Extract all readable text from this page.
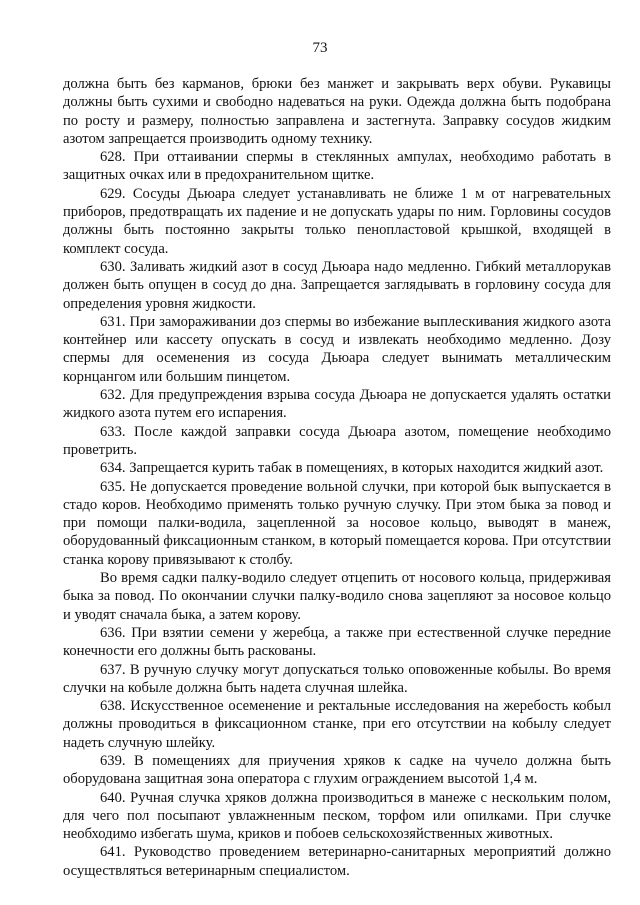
73

должна быть без карманов, брюки без манжет и закрывать верх обуви. Рукавицы должны быть сухими и свободно надеваться на руки. Одежда должна быть подобрана по росту и размеру, полностью заправлена и застегнута. Заправку сосудов жидким азотом запрещается производить одному технику.

628. При оттаивании спермы в стеклянных ампулах, необходимо работать в защитных очках или в предохранительном щитке.

629. Сосуды Дьюара следует устанавливать не ближе 1 м от нагревательных приборов, предотвращать их падение и не допускать удары по ним. Горловины сосудов должны быть постоянно закрыты только пенопластовой крышкой, входящей в комплект сосуда.

630. Заливать жидкий азот в сосуд Дьюара надо медленно. Гибкий металлорукав должен быть опущен в сосуд до дна. Запрещается заглядывать в горловину сосуда для определения уровня жидкости.

631. При замораживании доз спермы во избежание выплескивания жидкого азота контейнер или кассету опускать в сосуд и извлекать необходимо медленно. Дозу спермы для осеменения из сосуда Дьюара следует вынимать металлическим корнцангом или большим пинцетом.

632. Для предупреждения взрыва сосуда Дьюара не допускается удалять остатки жидкого азота путем его испарения.

633. После каждой заправки сосуда Дьюара азотом, помещение необходимо проветрить.

634. Запрещается курить табак в помещениях, в которых находится жидкий азот.

635. Не допускается проведение вольной случки, при которой бык выпускается в стадо коров. Необходимо применять только ручную случку. При этом быка за повод и при помощи палки-водила, зацепленной за носовое кольцо, выводят в манеж, оборудованный фиксационным станком, в который помещается корова. При отсутствии станка корову привязывают к столбу.

Во время садки палку-водило следует отцепить от носового кольца, придерживая быка за повод. По окончании случки палку-водило снова зацепляют за носовое кольцо и уводят сначала быка, а затем корову.

636. При взятии семени у жеребца, а также при естественной случке передние конечности его должны быть раскованы.

637. В ручную случку могут допускаться только оповоженные кобылы. Во время случки на кобыле должна быть надета случная шлейка.

638. Искусственное осеменение и ректальные исследования на жеребость кобыл должны проводиться в фиксационном станке, при его отсутствии на кобылу следует надеть случную шлейку.

639. В помещениях для приучения хряков к садке на чучело должна быть оборудована защитная зона оператора с глухим ограждением высотой 1,4 м.

640. Ручная случка хряков должна производиться в манеже с нескольким полом, для чего пол посыпают увлажненным песком, торфом или опилками. При случке необходимо избегать шума, криков и побоев сельскохозяйственных животных.

641. Руководство проведением ветеринарно-санитарных мероприятий должно осуществляться ветеринарным специалистом.
